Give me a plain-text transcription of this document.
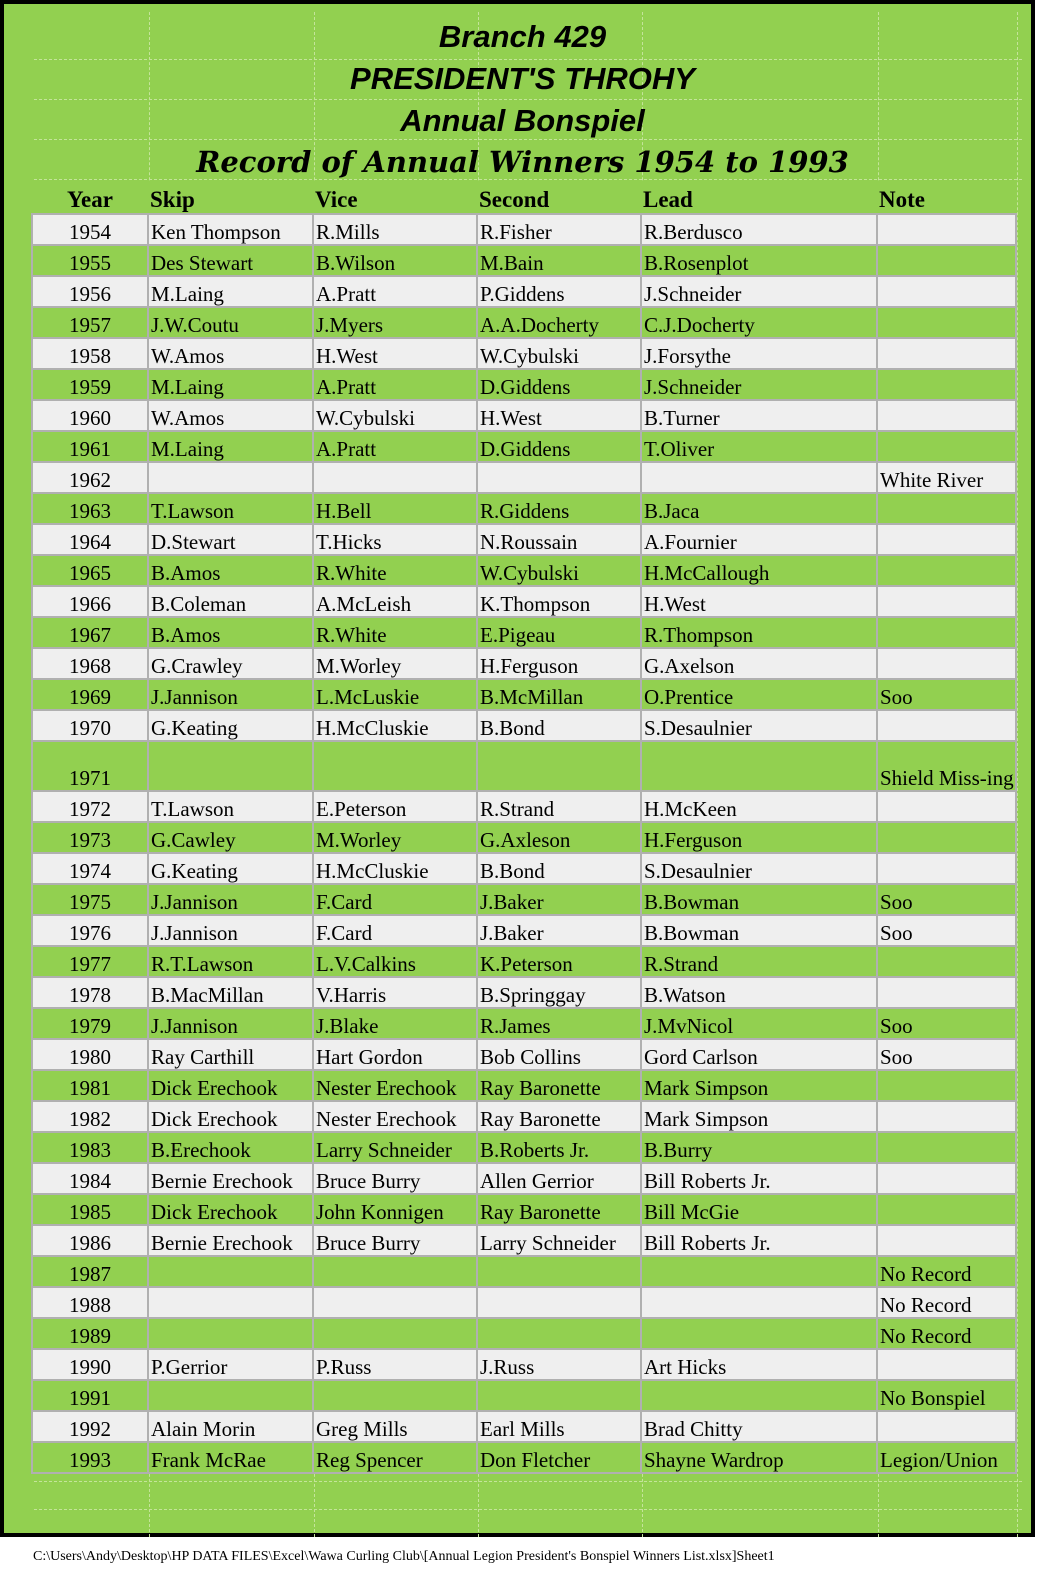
Branch 429
PRESIDENT'S THROHY
Annual Bonspiel
Record of Annual Winners 1954 to 1993
Year	Skip	Vice	Second	Lead	Note
1954	Ken Thompson	R.Mills	R.Fisher	R.Berdusco	
1955	Des Stewart	B.Wilson	M.Bain	B.Rosenplot	
1956	M.Laing	A.Pratt	P.Giddens	J.Schneider	
1957	J.W.Coutu	J.Myers	A.A.Docherty	C.J.Docherty	
1958	W.Amos	H.West	W.Cybulski	J.Forsythe	
1959	M.Laing	A.Pratt	D.Giddens	J.Schneider	
1960	W.Amos	W.Cybulski	H.West	B.Turner	
1961	M.Laing	A.Pratt	D.Giddens	T.Oliver	
1962					White River
1963	T.Lawson	H.Bell	R.Giddens	B.Jaca	
1964	D.Stewart	T.Hicks	N.Roussain	A.Fournier	
1965	B.Amos	R.White	W.Cybulski	H.McCallough	
1966	B.Coleman	A.McLeish	K.Thompson	H.West	
1967	B.Amos	R.White	E.Pigeau	R.Thompson	
1968	G.Crawley	M.Worley	H.Ferguson	G.Axelson	
1969	J.Jannison	L.McLuskie	B.McMillan	O.Prentice	Soo
1970	G.Keating	H.McCluskie	B.Bond	S.Desaulnier	
1971					Shield Miss-ing
1972	T.Lawson	E.Peterson	R.Strand	H.McKeen	
1973	G.Cawley	M.Worley	G.Axleson	H.Ferguson	
1974	G.Keating	H.McCluskie	B.Bond	S.Desaulnier	
1975	J.Jannison	F.Card	J.Baker	B.Bowman	Soo
1976	J.Jannison	F.Card	J.Baker	B.Bowman	Soo
1977	R.T.Lawson	L.V.Calkins	K.Peterson	R.Strand	
1978	B.MacMillan	V.Harris	B.Springgay	B.Watson	
1979	J.Jannison	J.Blake	R.James	J.MvNicol	Soo
1980	Ray Carthill	Hart Gordon	Bob Collins	Gord Carlson	Soo
1981	Dick Erechook	Nester Erechook	Ray Baronette	Mark Simpson	
1982	Dick Erechook	Nester Erechook	Ray Baronette	Mark Simpson	
1983	B.Erechook	Larry Schneider	B.Roberts Jr.	B.Burry	
1984	Bernie Erechook	Bruce Burry	Allen Gerrior	Bill Roberts Jr.	
1985	Dick Erechook	John Konnigen	Ray Baronette	Bill McGie	
1986	Bernie Erechook	Bruce Burry	Larry Schneider	Bill Roberts Jr.	
1987					No Record
1988					No Record
1989					No Record
1990	P.Gerrior	P.Russ	J.Russ	Art Hicks	
1991					No Bonspiel
1992	Alain Morin	Greg Mills	Earl Mills	Brad Chitty	
1993	Frank McRae	Reg Spencer	Don Fletcher	Shayne Wardrop	Legion/Union
C:\Users\Andy\Desktop\HP DATA FILES\Excel\Wawa Curling Club\[Annual Legion President's Bonspiel Winners List.xlsx]Sheet1
